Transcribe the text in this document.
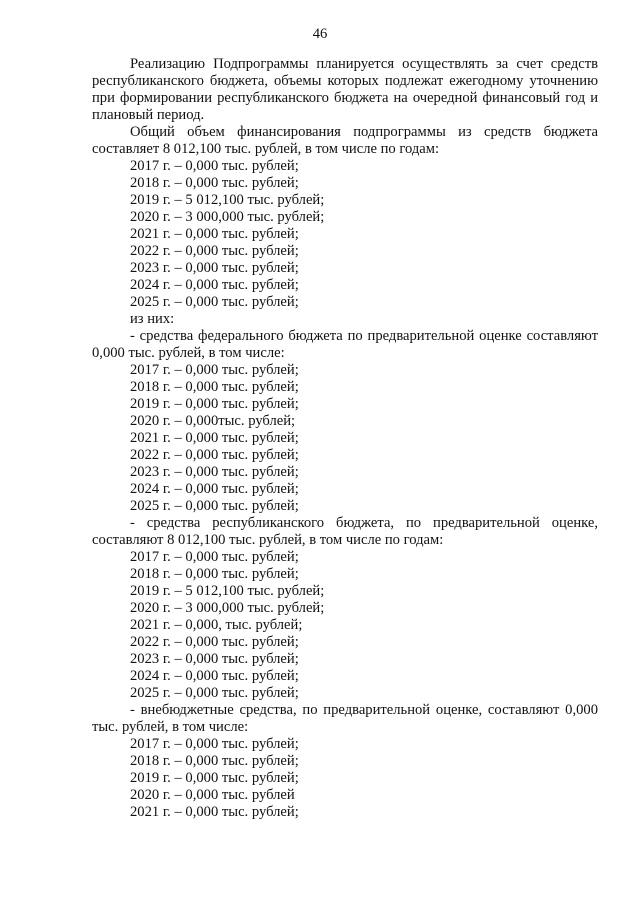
46

Реализацию Подпрограммы планируется осуществлять за счет средств республиканского бюджета, объемы которых подлежат ежегодному уточнению при формировании республиканского бюджета на очередной финансовый год и плановый период.

Общий объем финансирования подпрограммы из средств бюджета составляет 8 012,100 тыс. рублей, в том числе по годам:

2017 г. – 0,000 тыс. рублей;

2018 г. – 0,000 тыс. рублей;

2019 г. – 5 012,100 тыс. рублей;

2020 г. – 3 000,000 тыс. рублей;

2021 г. – 0,000 тыс. рублей;

2022 г. – 0,000 тыс. рублей;

2023 г. – 0,000 тыс. рублей;

2024 г. – 0,000 тыс. рублей;

2025 г. – 0,000 тыс. рублей;

из них:

- средства федерального бюджета по предварительной оценке составляют 0,000 тыс. рублей, в том числе:

2017 г. – 0,000 тыс. рублей;

2018 г. – 0,000 тыс. рублей;

2019 г. – 0,000 тыс. рублей;

2020 г. – 0,000тыс. рублей;

2021 г. – 0,000 тыс. рублей;

2022 г. – 0,000 тыс. рублей;

2023 г. – 0,000 тыс. рублей;

2024 г. – 0,000 тыс. рублей;

2025 г. – 0,000 тыс. рублей;

- средства республиканского бюджета, по предварительной оценке, составляют 8 012,100 тыс. рублей, в том числе по годам:

2017 г. – 0,000 тыс. рублей;

2018 г. – 0,000 тыс. рублей;

2019 г. – 5 012,100 тыс. рублей;

2020 г. – 3 000,000 тыс. рублей;

2021 г. – 0,000, тыс. рублей;

2022 г. – 0,000 тыс. рублей;

2023 г. – 0,000 тыс. рублей;

2024 г. – 0,000 тыс. рублей;

2025 г. – 0,000 тыс. рублей;

- внебюджетные средства, по предварительной оценке, составляют 0,000 тыс. рублей, в том числе:

2017 г. – 0,000 тыс. рублей;

2018 г. – 0,000 тыс. рублей;

2019 г. – 0,000 тыс. рублей;

2020 г. – 0,000 тыс. рублей

2021 г. – 0,000 тыс. рублей;
